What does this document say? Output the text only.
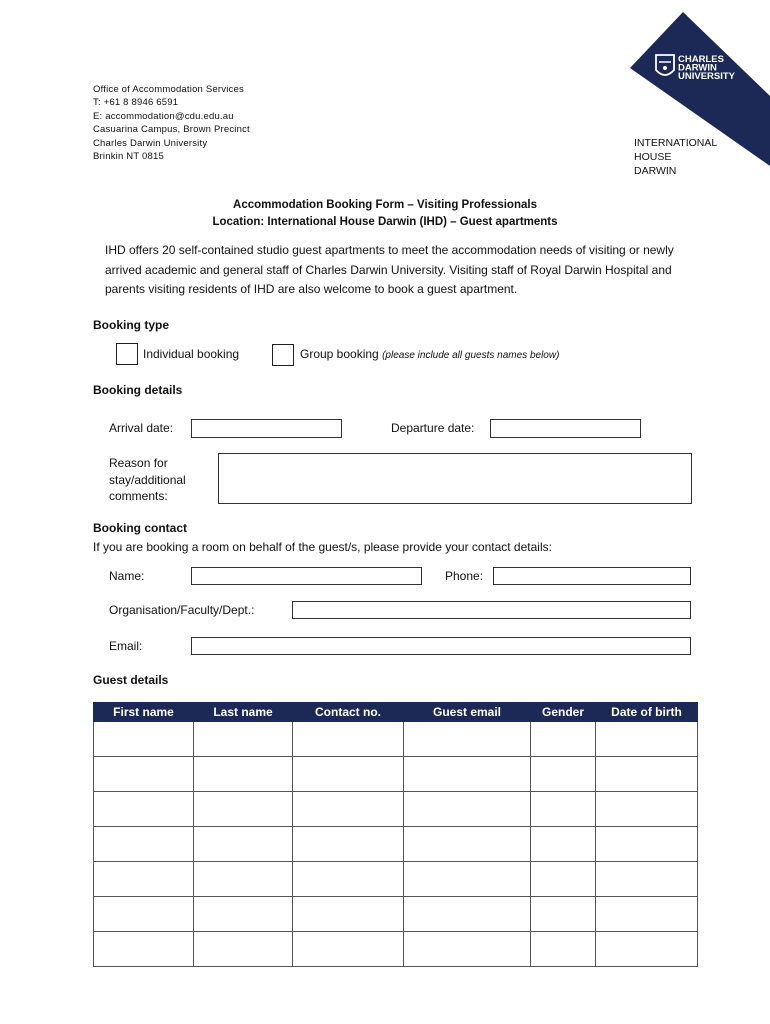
Office of Accommodation Services
T: +61 8 8946 6591
E: accommodation@cdu.edu.au
Casuarina Campus, Brown Precinct
Charles Darwin University
Brinkin NT 0815
CHARLES
DARWIN
UNIVERSITY
INTERNATIONAL
HOUSE
DARWIN
Accommodation Booking Form – Visiting Professionals
Location: International House Darwin (IHD) – Guest apartments
IHD offers 20 self-contained studio guest apartments to meet the accommodation needs of visiting or newly arrived academic and general staff of Charles Darwin University. Visiting staff of Royal Darwin Hospital and parents visiting residents of IHD are also welcome to book a guest apartment.
Booking type
Individual booking	Group booking (please include all guests names below)
Booking details
Arrival date:	Departure date:
Reason for
stay/additional
comments:
Booking contact
If you are booking a room on behalf of the guest/s, please provide your contact details:
Name:	Phone:
Organisation/Faculty/Dept.:
Email:
Guest details
First name	Last name	Contact no.	Guest email	Gender	Date of birth
